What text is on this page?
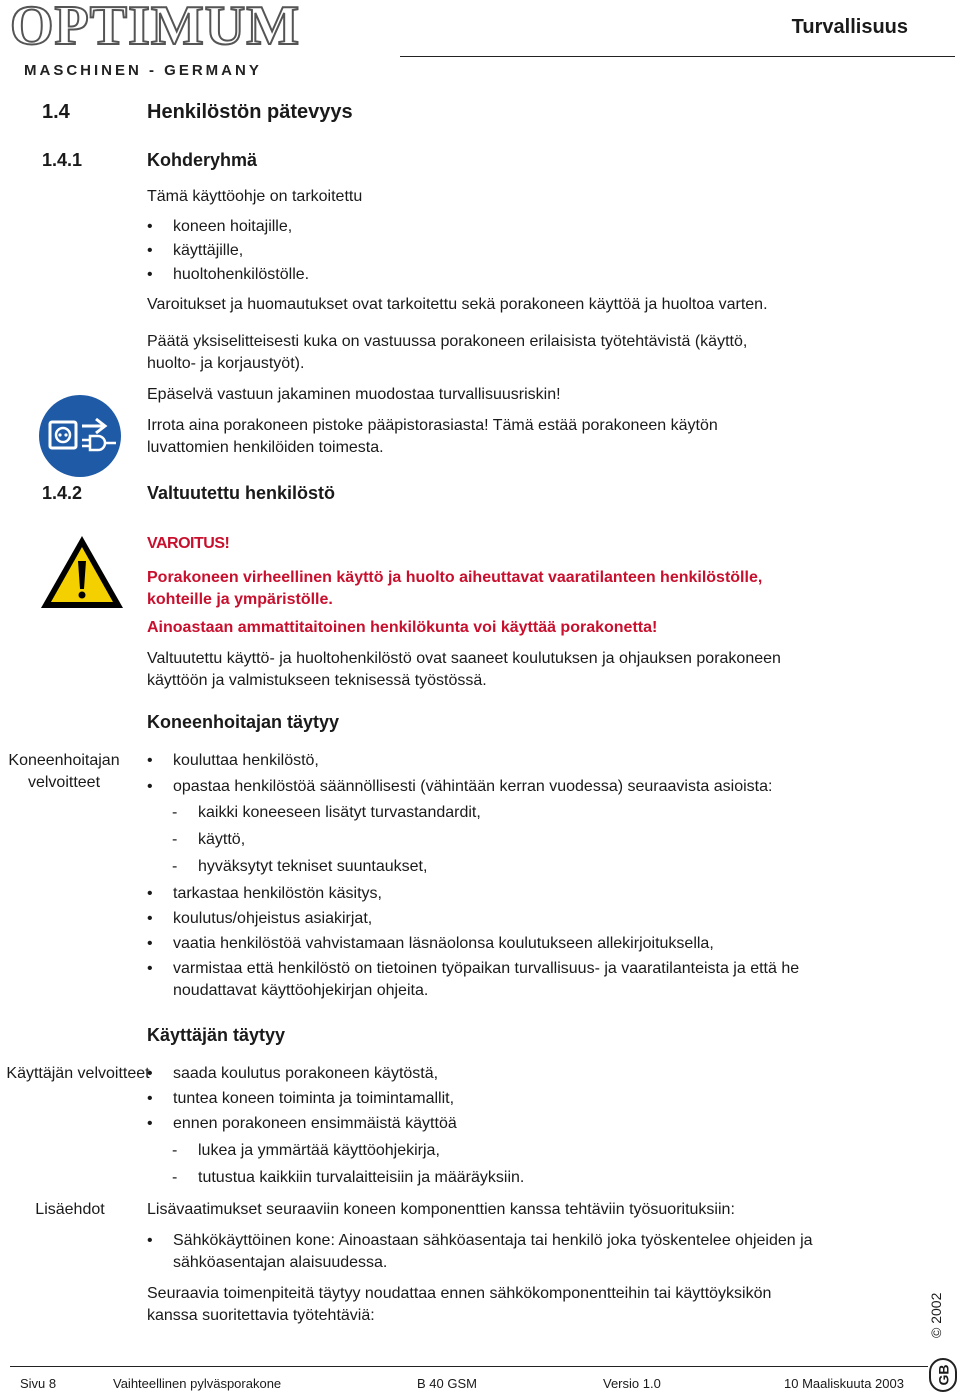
OPTIMUM
MASCHINEN - GERMANY
Turvallisuus
1.4	Henkilöstön pätevyys
1.4.1	Kohderyhmä
Tämä käyttöohje on tarkoitettu
• koneen hoitajille,
• käyttäjille,
• huoltohenkilöstölle.
Varoitukset ja huomautukset ovat tarkoitettu sekä porakoneen käyttöä ja huoltoa varten.
Päätä yksiselitteisesti kuka on vastuussa porakoneen erilaisista työtehtävistä (käyttö,
huolto- ja korjaustyöt).
Epäselvä vastuun jakaminen muodostaa turvallisuusriskin!
Irrota aina porakoneen pistoke pääpistorasiasta! Tämä estää porakoneen käytön
luvattomien henkilöiden toimesta.
1.4.2	Valtuutettu henkilöstö
VAROITUS!
Porakoneen virheellinen käyttö ja huolto aiheuttavat vaaratilanteen henkilöstölle,
kohteille ja ympäristölle.
Ainoastaan ammattitaitoinen henkilökunta voi käyttää porakonetta!
Valtuutettu käyttö- ja huoltohenkilöstö ovat saaneet koulutuksen ja ohjauksen porakoneen
käyttöön ja valmistukseen teknisessä työstössä.
Koneenhoitajan täytyy
Koneenhoitajan velvoitteet
• kouluttaa henkilöstö,
• opastaa henkilöstöä säännöllisesti (vähintään kerran vuodessa) seuraavista asioista:
- kaikki koneeseen lisätyt turvastandardit,
- käyttö,
- hyväksytyt tekniset suuntaukset,
• tarkastaa henkilöstön käsitys,
• koulutus/ohjeistus asiakirjat,
• vaatia henkilöstöä vahvistamaan läsnäolonsa koulutukseen allekirjoituksella,
• varmistaa että henkilöstö on tietoinen työpaikan turvallisuus- ja vaaratilanteista ja että he
noudattavat käyttöohjekirjan ohjeita.
Käyttäjän täytyy
Käyttäjän velvoitteet
•	saada koulutus porakoneen käytöstä,
• tuntea koneen toiminta ja toimintamallit,
• ennen porakoneen ensimmäistä käyttöä
- lukea ja ymmärtää käyttöohjekirja,
- tutustua kaikkiin turvalaitteisiin ja määräyksiin.
Lisäehdot	Lisävaatimukset seuraaviin koneen komponenttien kanssa tehtäviin työsuorituksiin:
• Sähkökäyttöinen kone: Ainoastaan sähköasentaja tai henkilö joka työskentelee ohjeiden ja
sähköasentajan alaisuudessa.
Seuraavia toimenpiteitä täytyy noudattaa ennen sähkökomponentteihin tai käyttöyksikön
kanssa suoritettavia työtehtäviä:	© 2002
Sivu 8	Vaihteellinen pylväsporakone	B 40 GSM	Versio 1.0	10 Maaliskuuta 2003 GB
